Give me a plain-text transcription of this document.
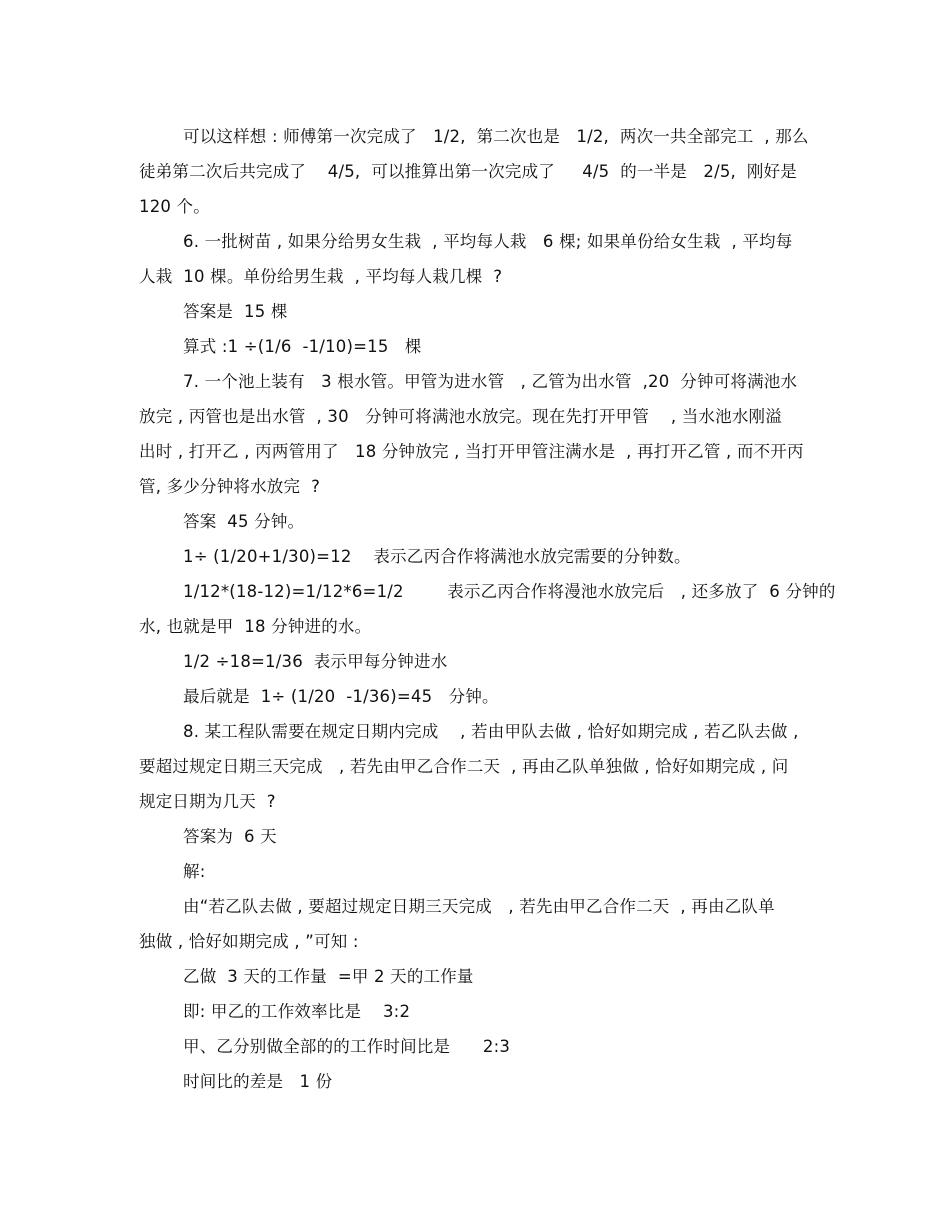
可以这样想 : 师傅第一次完成了   1/2,  第二次也是   1/2,  两次一共全部完工  , 那么
徒弟第二次后共完成了    4/5,  可以推算出第一次完成了     4/5  的一半是   2/5,  刚好是
120 个。
6. 一批树苗 , 如果分给男女生栽  , 平均每人栽   6 棵; 如果单份给女生栽  , 平均每
人栽  10 棵。单份给男生栽  , 平均每人栽几棵  ?
答案是  15 棵
算式 :1 ÷(1/6  -1/10)=15   棵
7. 一个池上装有   3 根水管。甲管为进水管   , 乙管为出水管  ,20  分钟可将满池水
放完 , 丙管也是出水管  , 30   分钟可将满池水放完。现在先打开甲管    , 当水池水刚溢
出时 , 打开乙 , 丙两管用了   18 分钟放完 , 当打开甲管注满水是  , 再打开乙管 , 而不开丙
管, 多少分钟将水放完  ?
答案  45 分钟。
1÷ (1/20+1/30)=12    表示乙丙合作将满池水放完需要的分钟数。
1/12*(18-12)=1/12*6=1/2        表示乙丙合作将漫池水放完后   , 还多放了  6 分钟的
水, 也就是甲  18 分钟进的水。
1/2 ÷18=1/36  表示甲每分钟进水
最后就是  1÷ (1/20  -1/36)=45   分钟。
8. 某工程队需要在规定日期内完成    , 若由甲队去做 , 恰好如期完成 , 若乙队去做 ,
要超过规定日期三天完成   , 若先由甲乙合作二天  , 再由乙队单独做 , 恰好如期完成 , 问
规定日期为几天  ?
答案为  6 天
解:
由“若乙队去做 , 要超过规定日期三天完成   , 若先由甲乙合作二天  , 再由乙队单
独做 , 恰好如期完成 , ”可知 :
乙做  3 天的工作量  =甲 2 天的工作量
即: 甲乙的工作效率比是    3:2
甲、乙分别做全部的的工作时间比是      2:3
时间比的差是   1 份
